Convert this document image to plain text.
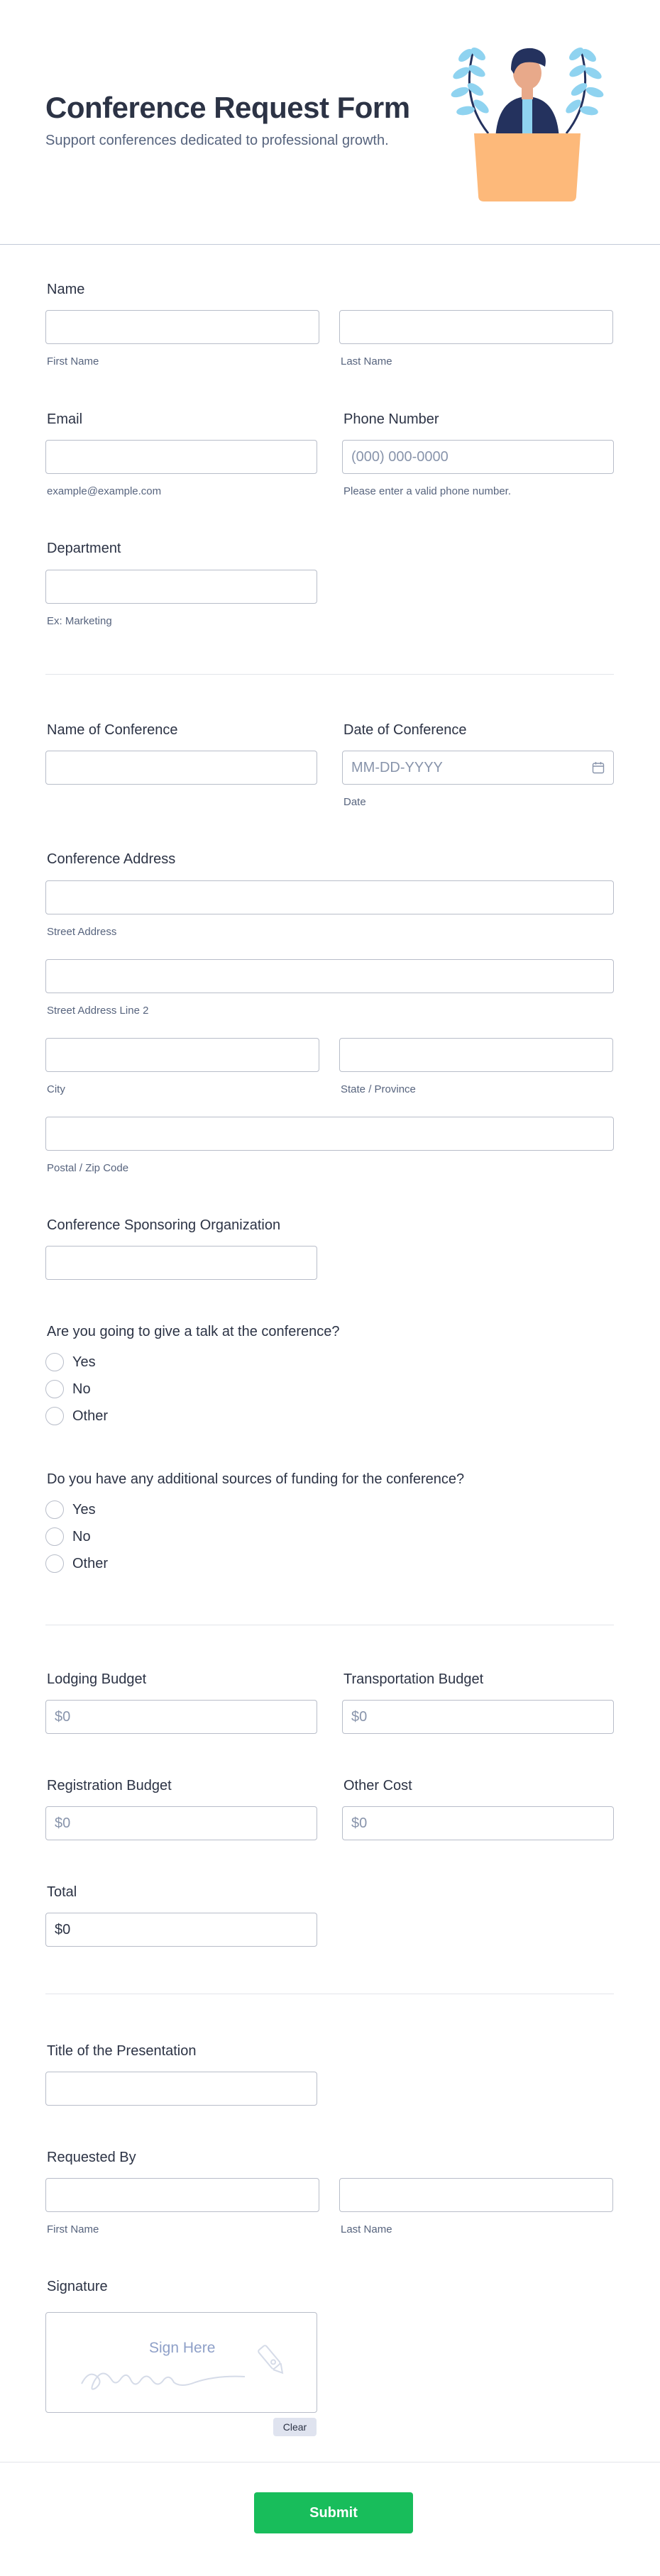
Conference Request Form
Support conferences dedicated to professional growth.
Name
First Name	Last Name
Email
example@example.com
Phone Number
(000) 000-0000
Please enter a valid phone number.
Department
Ex: Marketing
Name of Conference	Date of Conference
MM-DD-YYYY
Date
Conference Address
Street Address
Street Address Line 2
City	State / Province
Postal / Zip Code
Conference Sponsoring Organization
Are you going to give a talk at the conference?
Yes
No
Other
Do you have any additional sources of funding for the conference?
Yes
No
Other
Lodging Budget
$0
Transportation Budget
$0
Registration Budget
$0
Other Cost
$0
Total
$0
Title of the Presentation
Requested By
First Name	Last Name
Signature
Sign Here
Clear
Submit
